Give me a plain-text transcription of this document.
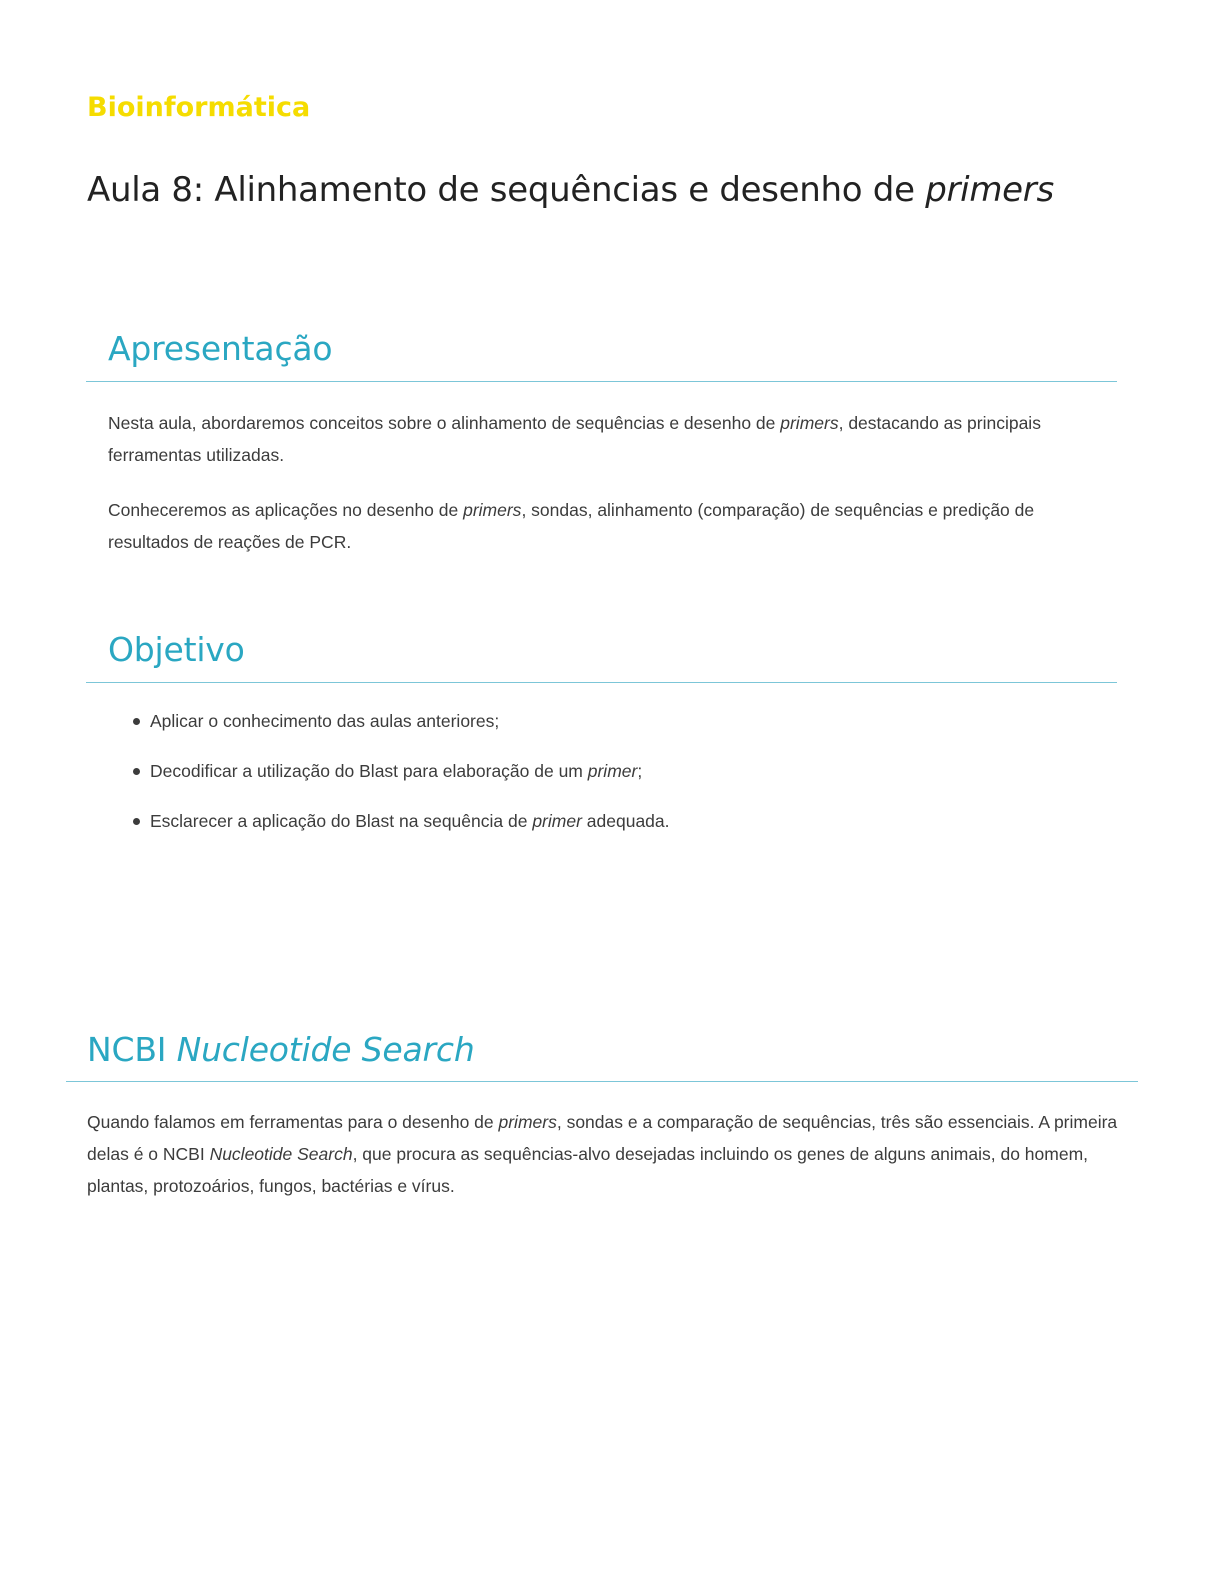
Bioinformática
Aula 8: Alinhamento de sequências e desenho de primers
Apresentação

Nesta aula, abordaremos conceitos sobre o alinhamento de sequências e desenho de primers, destacando as principais ferramentas utilizadas.

Conheceremos as aplicações no desenho de primers, sondas, alinhamento (comparação) de sequências e predição de resultados de reações de PCR.

Objetivo
Aplicar o conhecimento das aulas anteriores;
Decodificar a utilização do Blast para elaboração de um primer;
Esclarecer a aplicação do Blast na sequência de primer adequada.
NCBI Nucleotide Search

Quando falamos em ferramentas para o desenho de primers, sondas e a comparação de sequências, três são essenciais. A primeira delas é o NCBI Nucleotide Search, que procura as sequências-alvo desejadas incluindo os genes de alguns animais, do homem, plantas, protozoários, fungos, bactérias e vírus.
